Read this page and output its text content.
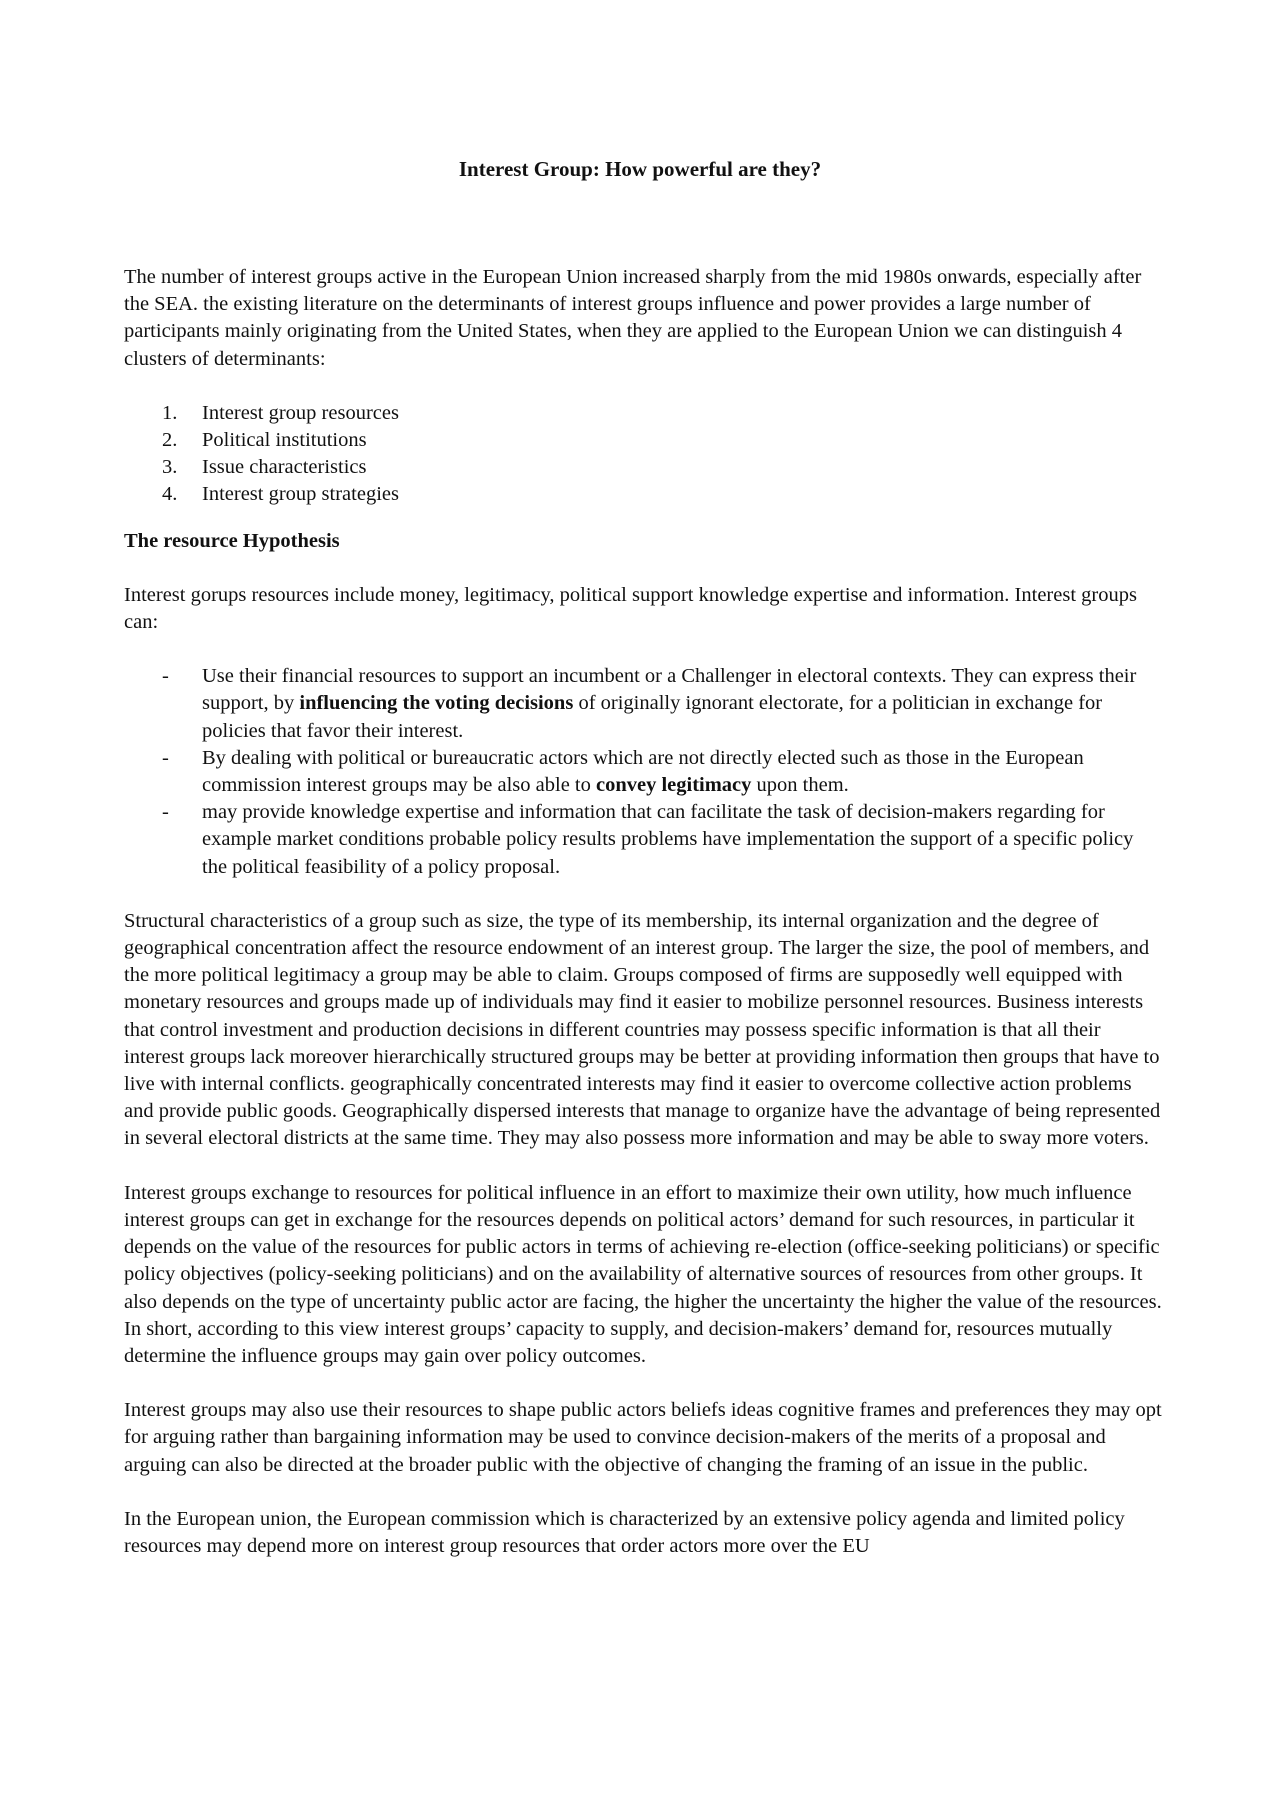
Interest Group: How powerful are they?

The number of interest groups active in the European Union increased sharply from the mid 1980s onwards, especially after the SEA. the existing literature on the determinants of interest groups influence and power provides a large number of participants mainly originating from the United States, when they are applied to the European Union we can distinguish 4 clusters of determinants:

1. Interest group resources
2. Political institutions
3. Issue characteristics
4. Interest group strategies

The resource Hypothesis

Interest gorups resources include money, legitimacy, political support knowledge expertise and information. Interest groups can:

- Use their financial resources to support an incumbent or a Challenger in electoral contexts. They can express their support, by influencing the voting decisions of originally ignorant electorate, for a politician in exchange for policies that favor their interest.
- By dealing with political or bureaucratic actors which are not directly elected such as those in the European commission interest groups may be also able to convey legitimacy upon them.
- may provide knowledge expertise and information that can facilitate the task of decision-makers regarding for example market conditions probable policy results problems have implementation the support of a specific policy the political feasibility of a policy proposal.

Structural characteristics of a group such as size, the type of its membership, its internal organization and the degree of geographical concentration affect the resource endowment of an interest group. The larger the size, the pool of members, and the more political legitimacy a group may be able to claim. Groups composed of firms are supposedly well equipped with monetary resources and groups made up of individuals may find it easier to mobilize personnel resources. Business interests that control investment and production decisions in different countries may possess specific information is that all their interest groups lack moreover hierarchically structured groups may be better at providing information then groups that have to live with internal conflicts. geographically concentrated interests may find it easier to overcome collective action problems and provide public goods. Geographically dispersed interests that manage to organize have the advantage of being represented in several electoral districts at the same time. They may also possess more information and may be able to sway more voters.

Interest groups exchange to resources for political influence in an effort to maximize their own utility, how much influence interest groups can get in exchange for the resources depends on political actors’ demand for such resources, in particular it depends on the value of the resources for public actors in terms of achieving re-election (office-seeking politicians) or specific policy objectives (policy-seeking politicians) and on the availability of alternative sources of resources from other groups. It also depends on the type of uncertainty public actor are facing, the higher the uncertainty the higher the value of the resources. In short, according to this view interest groups’ capacity to supply, and decision-makers’ demand for, resources mutually determine the influence groups may gain over policy outcomes.

Interest groups may also use their resources to shape public actors beliefs ideas cognitive frames and preferences they may opt for arguing rather than bargaining information may be used to convince decision-makers of the merits of a proposal and arguing can also be directed at the broader public with the objective of changing the framing of an issue in the public.

In the European union, the European commission which is characterized by an extensive policy agenda and limited policy resources may depend more on interest group resources that order actors more over the EU
